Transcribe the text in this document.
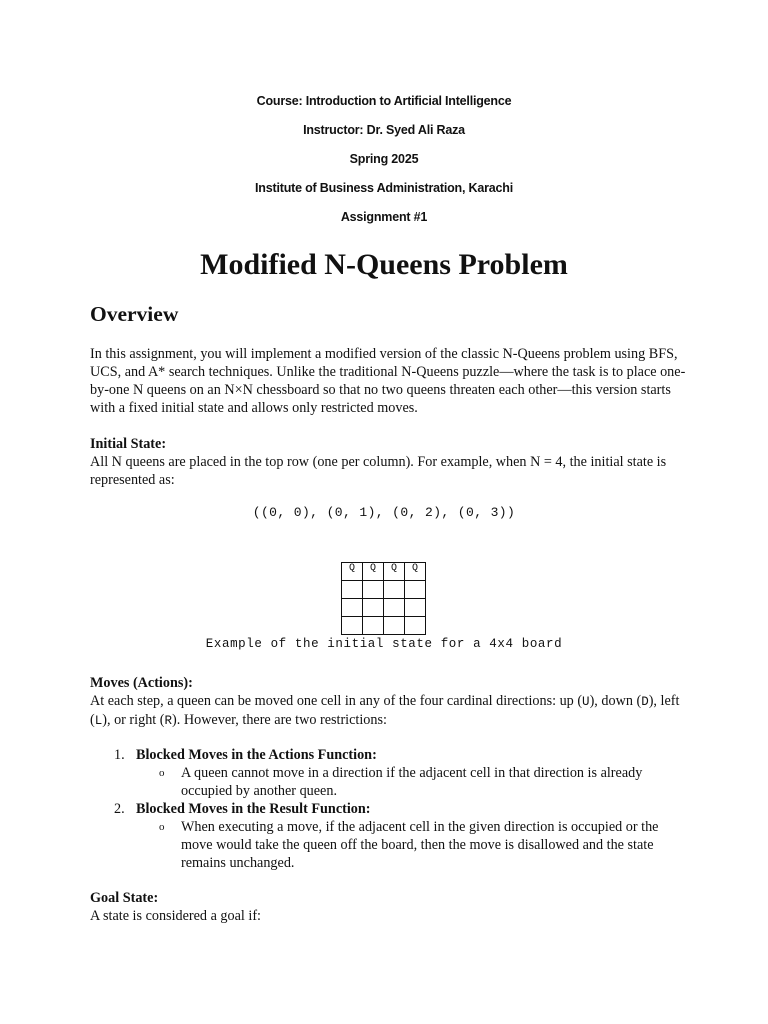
Course: Introduction to Artificial Intelligence
Instructor: Dr. Syed Ali Raza
Spring 2025
Institute of Business Administration, Karachi
Assignment #1
Modified N-Queens Problem
Overview

In this assignment, you will implement a modified version of the classic N-Queens problem using BFS, UCS, and A* search techniques. Unlike the traditional N-Queens puzzle—where the task is to place one-by-one N queens on an N×N chessboard so that no two queens threaten each other—this version starts with a fixed initial state and allows only restricted moves.

Initial State:
All N queens are placed in the top row (one per column). For example, when N = 4, the initial state is represented as:

((0, 0), (0, 1), (0, 2), (0, 3))
Q	Q	Q	Q

Example of the initial state for a 4x4 board

Moves (Actions):
At each step, a queen can be moved one cell in any of the four cardinal directions: up (U), down (D), left (L), or right (R). However, there are two restrictions:

1. Blocked Moves in the Actions Function:
o A queen cannot move in a direction if the adjacent cell in that direction is already occupied by another queen.
2. Blocked Moves in the Result Function:
o When executing a move, if the adjacent cell in the given direction is occupied or the move would take the queen off the board, then the move is disallowed and the state remains unchanged.

Goal State:
A state is considered a goal if:
